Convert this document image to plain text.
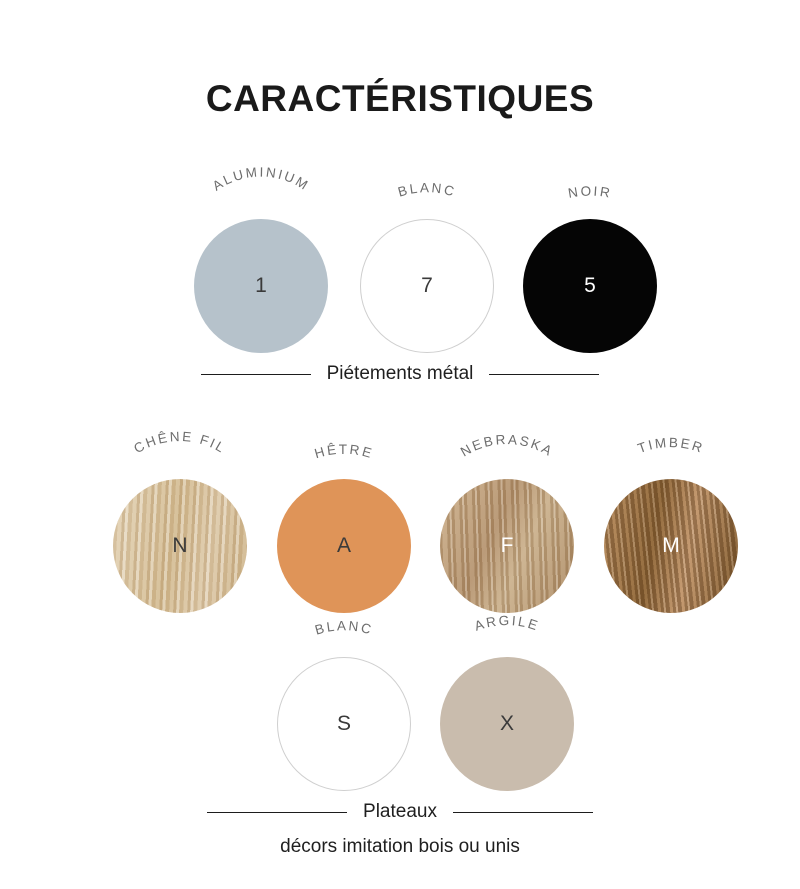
CARACTÉRISTIQUES
ALUMINIUM
1
BLANC
7
NOIR
5
Piétements métal
CHÊNE FIL
N
HÊTRE
A
NEBRASKA
F
TIMBER
M
BLANC
S
ARGILE
X
Plateaux
décors imitation bois ou unis
